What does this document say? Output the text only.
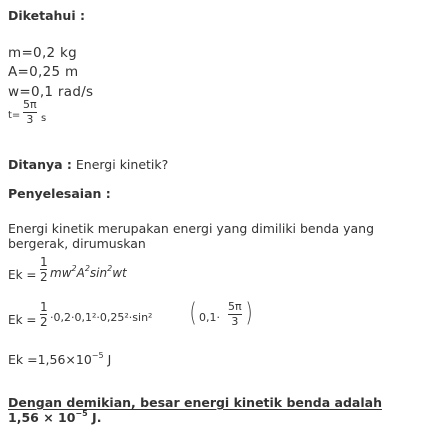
Diketahui :
m=0,2 kg
A=0,25 m
w=0,1 rad/s
t=
5π
3 s
Ditanya : Energi kinetik?
Penyelesaian :
Energi kinetik merupakan energi yang dimiliki benda yang
bergerak, dirumuskan
Ek =
1
2 $mw^2A^2\sin^2wt$
Ek =
1
2 ·0,2·0,1²·0,25²·sin² ( 0,1·
5π
3 )
$Ek =1,56\times 10^{-5}$ J
Dengan demikian, besar energi kinetik benda adalah
$1,56 \times 10^{-5}$ J.
